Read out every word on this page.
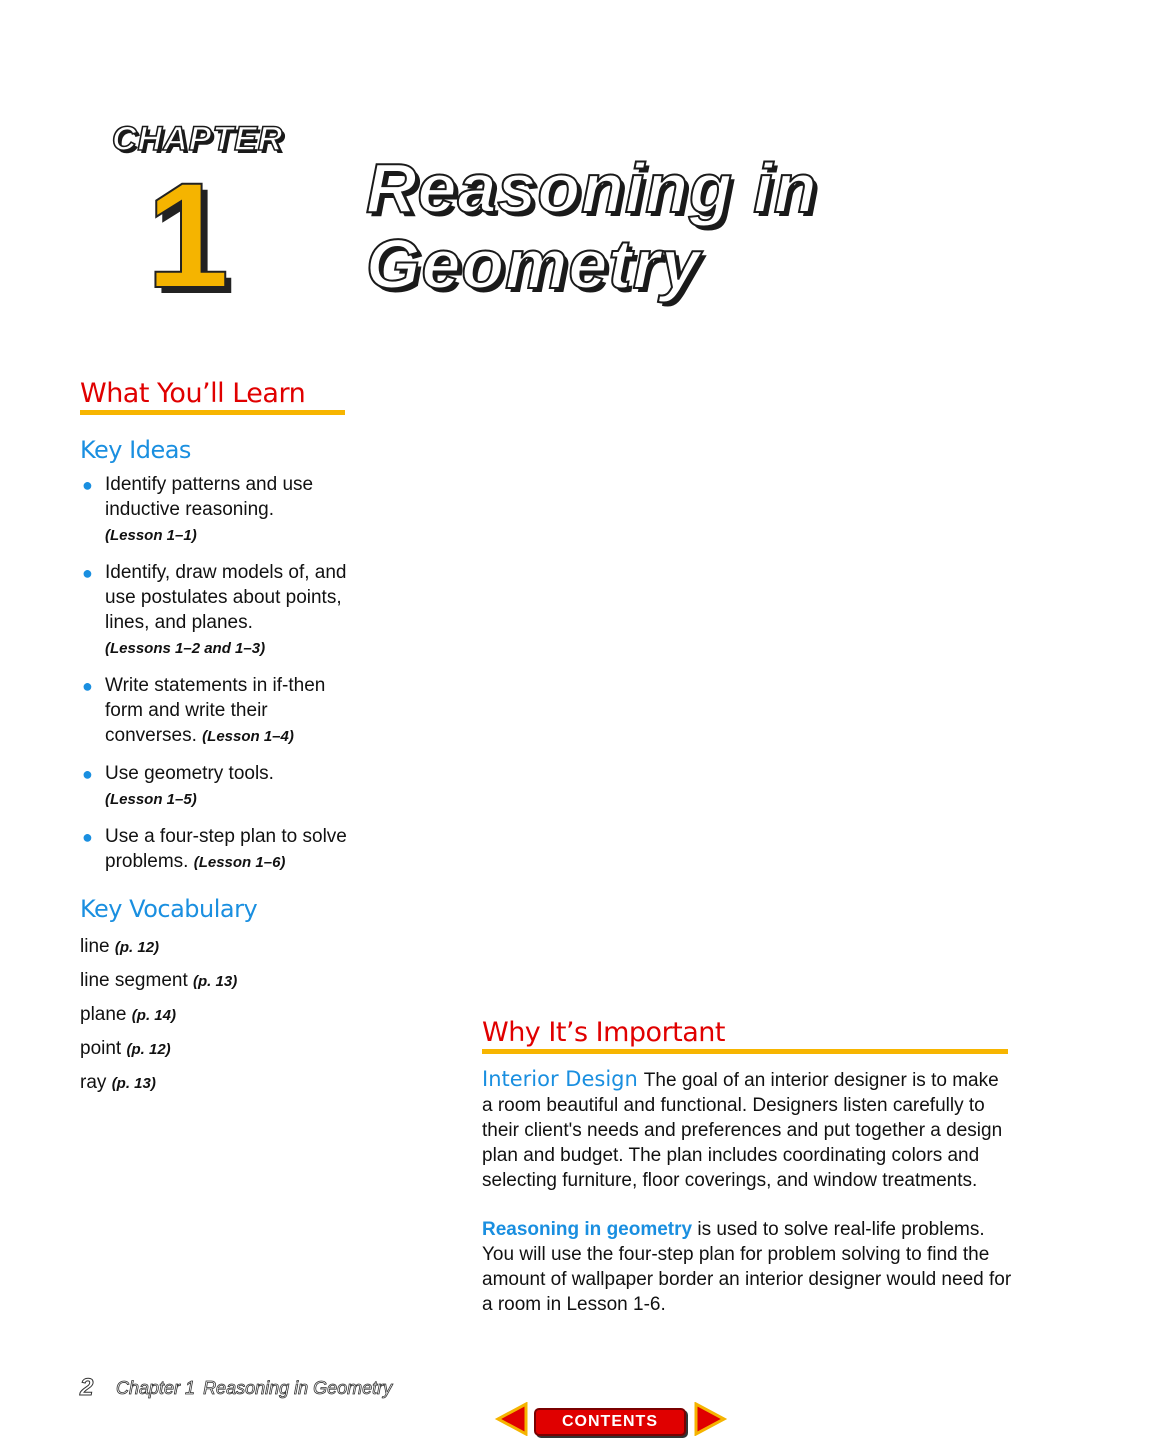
CHAPTER
1 Reasoning in
Geometry
What You’ll Learn
Key Ideas
● Identify patterns and use inductive reasoning.
(Lesson 1–1)
● Identify, draw models of, and use postulates about points, lines, and planes.
(Lessons 1–2 and 1–3)
● Write statements in if-then form and write their converses. (Lesson 1–4)
● Use geometry tools.
(Lesson 1–5)
● Use a four-step plan to solve problems. (Lesson 1–6)
Key Vocabulary
line (p. 12)
line segment (p. 13)
plane (p. 14)
point (p. 12)
ray (p. 13)
Why It’s Important

Interior Design The goal of an interior designer is to make a room beautiful and functional. Designers listen carefully to their client's needs and preferences and put together a design plan and budget. The plan includes coordinating colors and selecting furniture, floor coverings, and window treatments.

Reasoning in geometry is used to solve real-life problems. You will use the four-step plan for problem solving to find the amount of wallpaper border an interior designer would need for a room in Lesson 1-6.

2 Chapter 1 Reasoning in Geometry
CONTENTS
